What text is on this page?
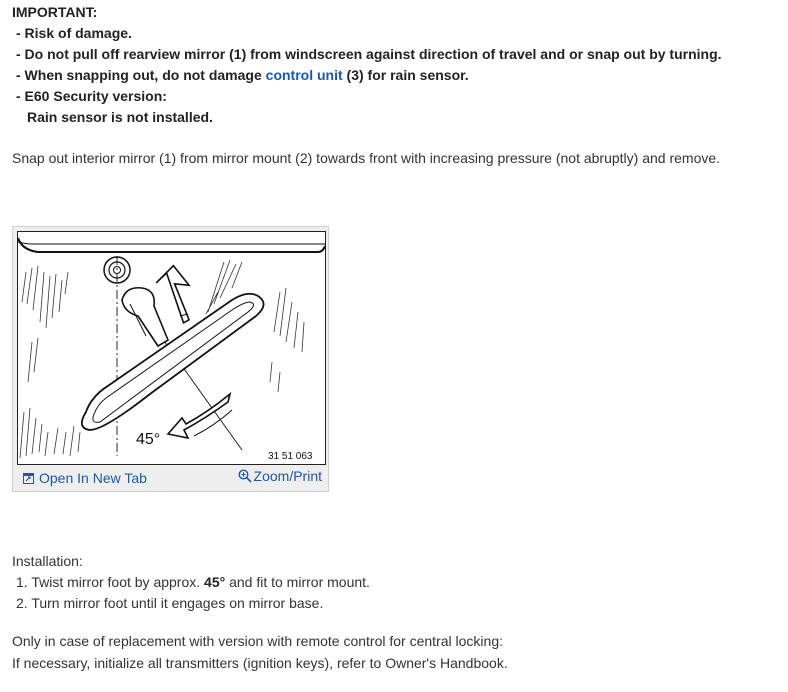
IMPORTANT:
- Risk of damage.
- Do not pull off rearview mirror (1) from windscreen against direction of travel and or snap out by turning.
- When snapping out, do not damage control unit (3) for rain sensor.
- E60 Security version:
Rain sensor is not installed.
Snap out interior mirror (1) from mirror mount (2) towards front with increasing pressure (not abruptly) and remove.
45°
31 51 063
Open In New Tab	Zoom/Print
Installation:
1. Twist mirror foot by approx. 45° and fit to mirror mount.
2. Turn mirror foot until it engages on mirror base.
Only in case of replacement with version with remote control for central locking:
If necessary, initialize all transmitters (ignition keys), refer to Owner's Handbook.
